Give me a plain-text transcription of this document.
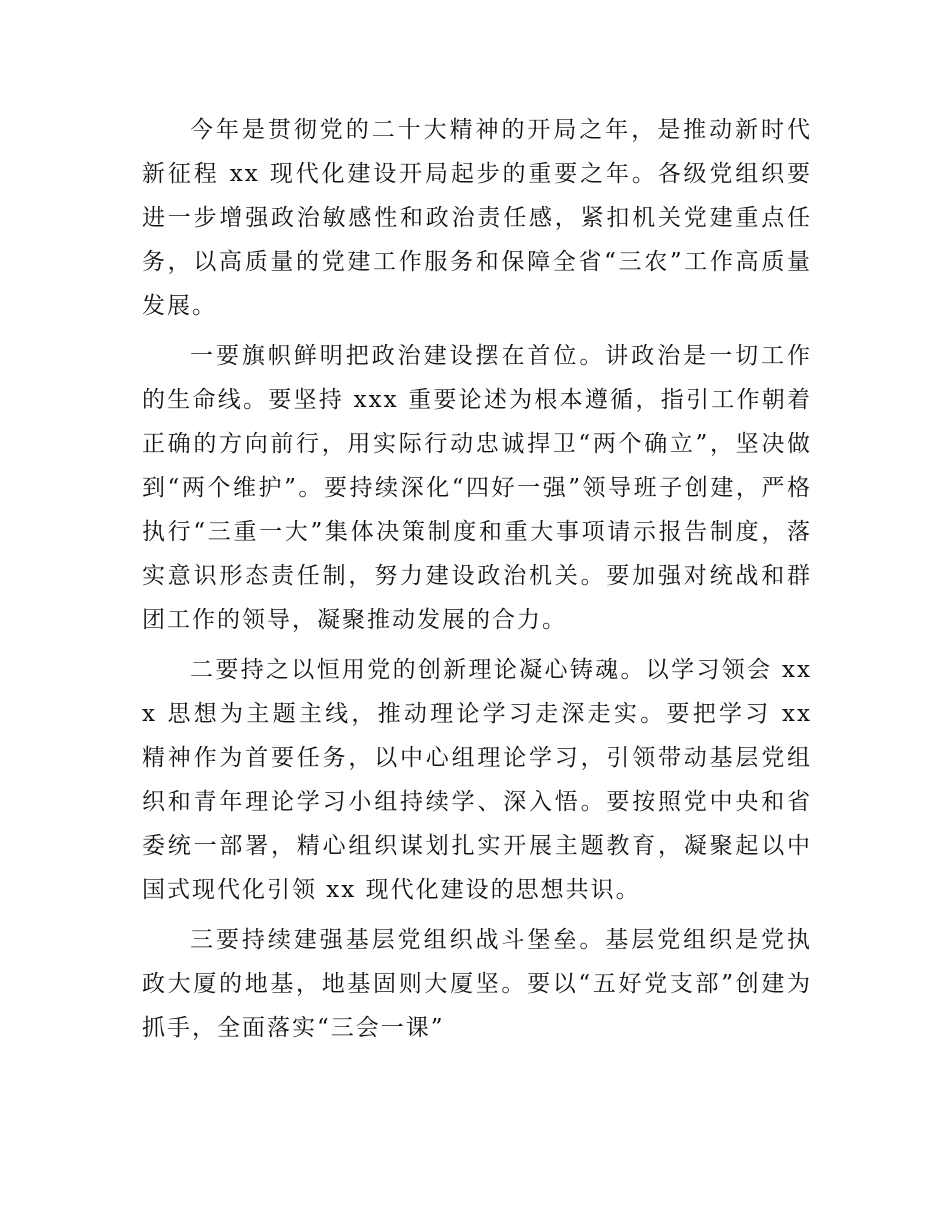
今年是贯彻党的二十大精神的开局之年，是推动新时代新征程 xx 现代化建设开局起步的重要之年。各级党组织要进一步增强政治敏感性和政治责任感，紧扣机关党建重点任务，以高质量的党建工作服务和保障全省“三农”工作高质量发展。

一要旗帜鲜明把政治建设摆在首位。讲政治是一切工作的生命线。要坚持 xxx 重要论述为根本遵循，指引工作朝着正确的方向前行，用实际行动忠诚捍卫“两个确立”，坚决做到“两个维护”。要持续深化“四好一强”领导班子创建，严格执行“三重一大”集体决策制度和重大事项请示报告制度，落实意识形态责任制，努力建设政治机关。要加强对统战和群团工作的领导，凝聚推动发展的合力。

二要持之以恒用党的创新理论凝心铸魂。以学习领会 xxx 思想为主题主线，推动理论学习走深走实。要把学习 xx 精神作为首要任务，以中心组理论学习，引领带动基层党组织和青年理论学习小组持续学、深入悟。要按照党中央和省委统一部署，精心组织谋划扎实开展主题教育，凝聚起以中国式现代化引领 xx 现代化建设的思想共识。

三要持续建强基层党组织战斗堡垒。基层党组织是党执政大厦的地基，地基固则大厦坚。要以“五好党支部”创建为抓手，全面落实“三会一课”
